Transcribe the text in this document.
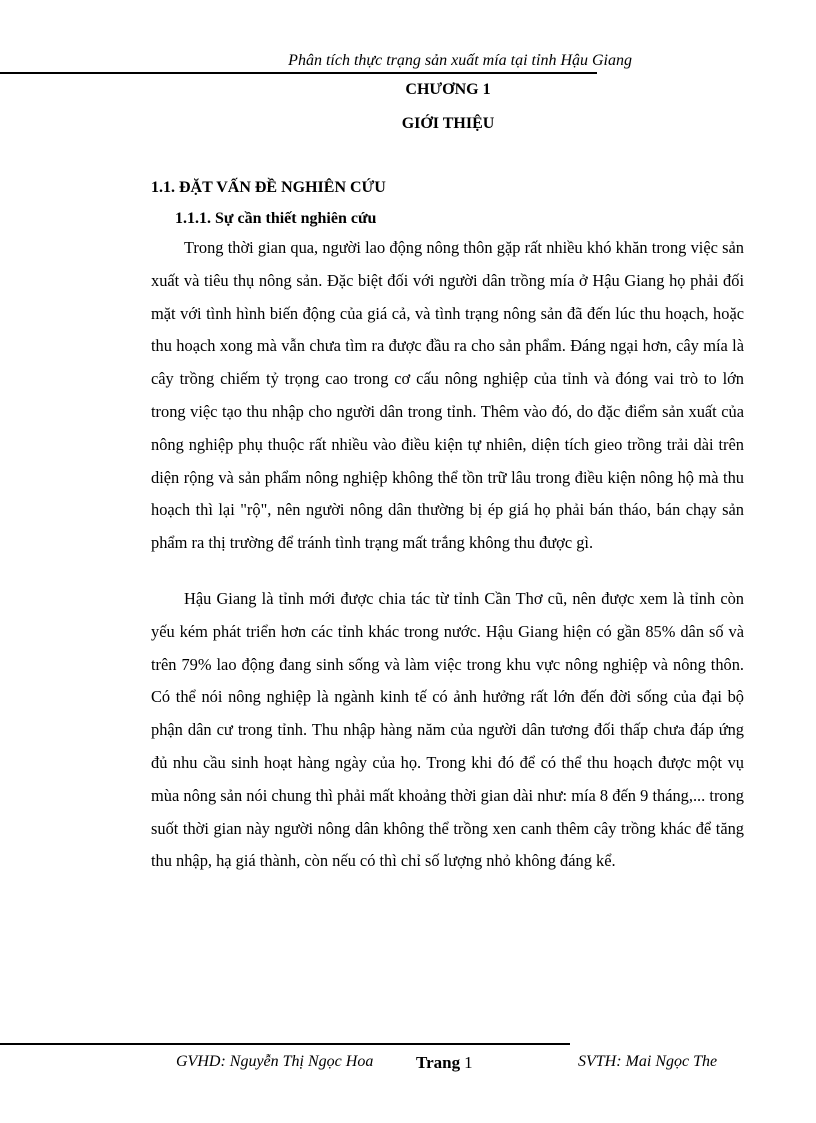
Phân tích thực trạng sản xuất mía tại tỉnh Hậu Giang
CHƯƠNG 1
GIỚI THIỆU
1.1. ĐẶT VẤN ĐỀ NGHIÊN CỨU
1.1.1. Sự cần thiết nghiên cứu

Trong thời gian qua, người lao động nông thôn gặp rất nhiều khó khăn trong việc sản xuất và tiêu thụ nông sản. Đặc biệt đối với người dân trồng mía ở Hậu Giang họ phải đối mặt với tình hình biến động của giá cả, và tình trạng nông sản đã đến lúc thu hoạch, hoặc thu hoạch xong mà vẫn chưa tìm ra được đầu ra cho sản phẩm. Đáng ngại hơn, cây mía là cây trồng chiếm tỷ trọng cao trong cơ cấu nông nghiệp của tỉnh và đóng vai trò to lớn trong việc tạo thu nhập cho người dân trong tỉnh. Thêm vào đó, do đặc điểm sản xuất của nông nghiệp phụ thuộc rất nhiều vào điều kiện tự nhiên, diện tích gieo trồng trải dài trên diện rộng và sản phẩm nông nghiệp không thể tồn trữ lâu trong điều kiện nông hộ mà thu hoạch thì lại "rộ", nên người nông dân thường bị ép giá họ phải bán tháo, bán chạy sản phẩm ra thị trường để tránh tình trạng mất trắng không thu được gì.

Hậu Giang là tỉnh mới được chia tác từ tỉnh Cần Thơ cũ, nên được xem là tỉnh còn yếu kém phát triển hơn các tỉnh khác trong nước. Hậu Giang hiện có gần 85% dân số và trên 79% lao động đang sinh sống và làm việc trong khu vực nông nghiệp và nông thôn. Có thể nói nông nghiệp là ngành kinh tế có ảnh hưởng rất lớn đến đời sống của đại bộ phận dân cư trong tỉnh. Thu nhập hàng năm của người dân tương đối thấp chưa đáp ứng đủ nhu cầu sinh hoạt hàng ngày của họ. Trong khi đó để có thể thu hoạch được một vụ mùa nông sản nói chung thì phải mất khoảng thời gian dài như: mía 8 đến 9 tháng,... trong suốt thời gian này người nông dân không thể trồng xen canh thêm cây trồng khác để tăng thu nhập, hạ giá thành, còn nếu có thì chỉ số lượng nhỏ không đáng kể.

GVHD: Nguyễn Thị Ngọc Hoa	Trang 1	SVTH: Mai Ngọc The
